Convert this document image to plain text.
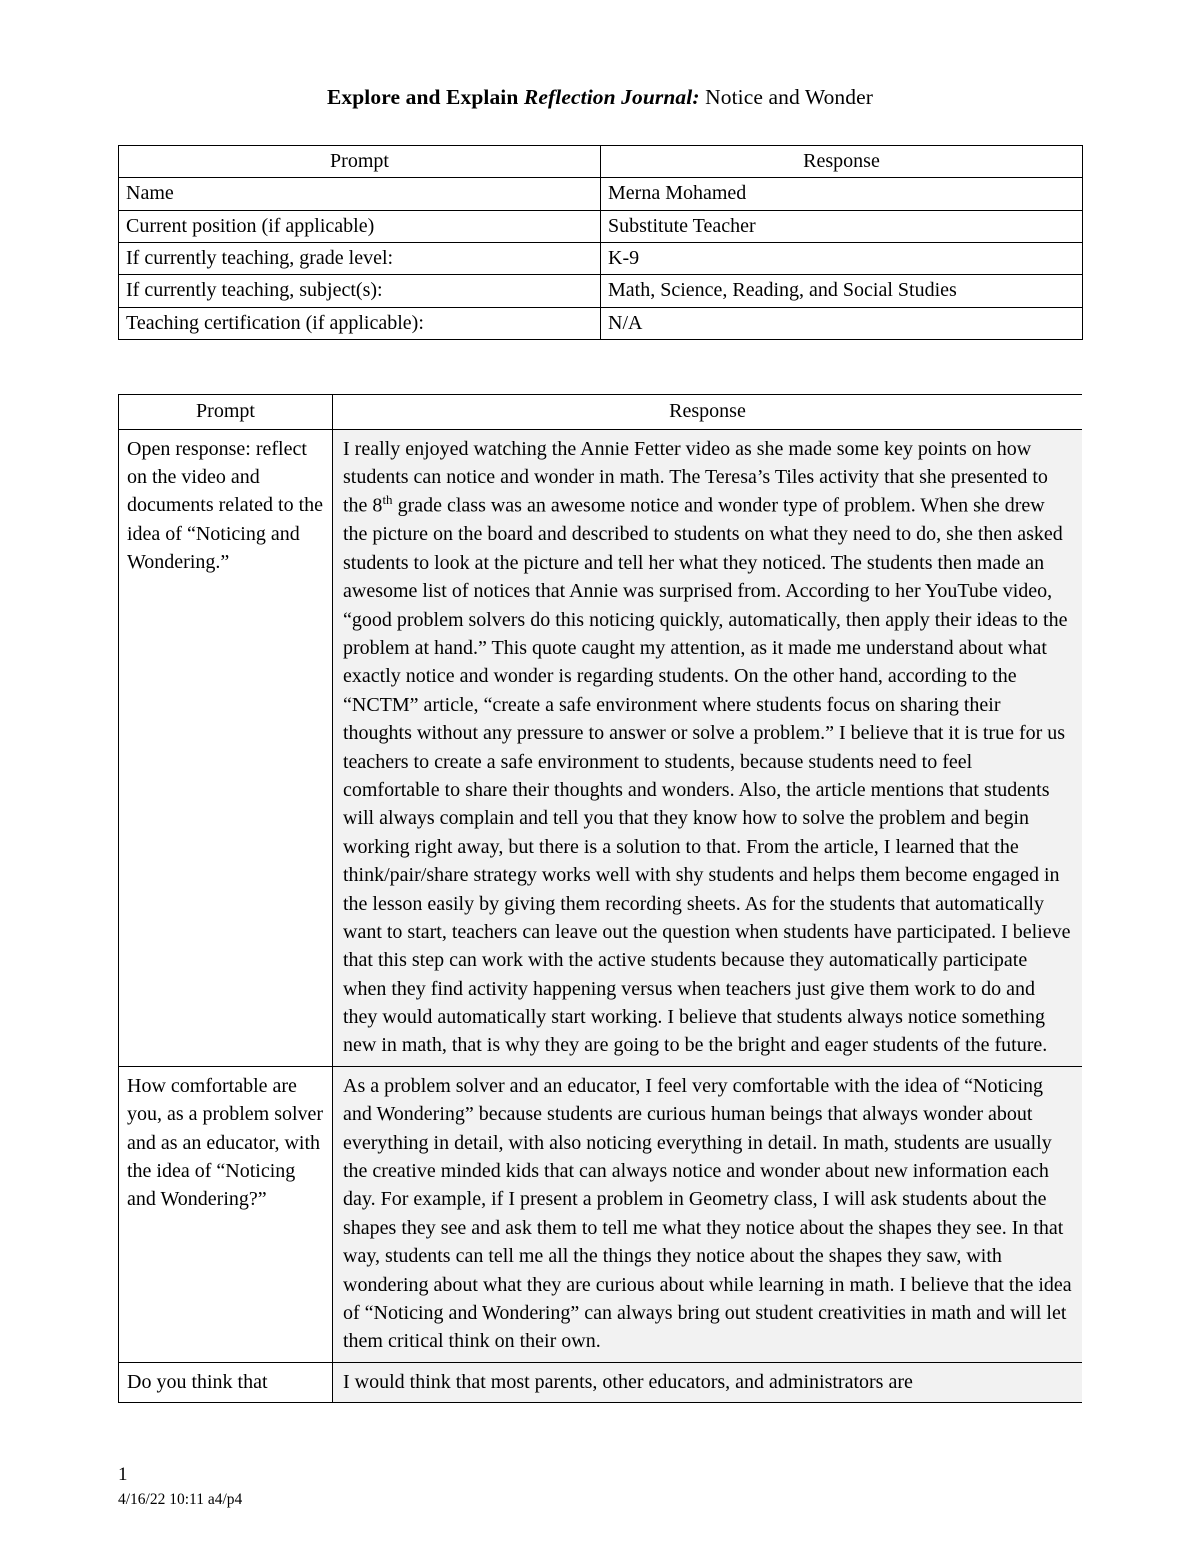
Explore and Explain Reflection Journal: Notice and Wonder
Prompt	Response
Name	Merna Mohamed
Current position (if applicable)	Substitute Teacher
If currently teaching, grade level:	K-9
If currently teaching, subject(s):	Math, Science, Reading, and Social Studies
Teaching certification (if applicable):	N/A
Prompt	Response
Open response: reflect on the video and documents related to the idea of “Noticing and Wondering.”	I really enjoyed watching the Annie Fetter video as she made some key points on how students can notice and wonder in math. The Teresa’s Tiles activity that she presented to the 8th grade class was an awesome notice and wonder type of problem. When she drew the picture on the board and described to students on what they need to do, she then asked students to look at the picture and tell her what they noticed. The students then made an awesome list of notices that Annie was surprised from. According to her YouTube video, “good problem solvers do this noticing quickly, automatically, then apply their ideas to the problem at hand.” This quote caught my attention, as it made me understand about what exactly notice and wonder is regarding students. On the other hand, according to the “NCTM” article, “create a safe environment where students focus on sharing their thoughts without any pressure to answer or solve a problem.” I believe that it is true for us teachers to create a safe environment to students, because students need to feel comfortable to share their thoughts and wonders. Also, the article mentions that students will always complain and tell you that they know how to solve the problem and begin working right away, but there is a solution to that. From the article, I learned that the think/pair/share strategy works well with shy students and helps them become engaged in the lesson easily by giving them recording sheets. As for the students that automatically want to start, teachers can leave out the question when students have participated. I believe that this step can work with the active students because they automatically participate when they find activity happening versus when teachers just give them work to do and they would automatically start working. I believe that students always notice something new in math, that is why they are going to be the bright and eager students of the future.
How comfortable are you, as a problem solver and as an educator, with the idea of “Noticing and Wondering?”	As a problem solver and an educator, I feel very comfortable with the idea of “Noticing and Wondering” because students are curious human beings that always wonder about everything in detail, with also noticing everything in detail. In math, students are usually the creative minded kids that can always notice and wonder about new information each day. For example, if I present a problem in Geometry class, I will ask students about the shapes they see and ask them to tell me what they notice about the shapes they see. In that way, students can tell me all the things they notice about the shapes they saw, with wondering about what they are curious about while learning in math. I believe that the idea of “Noticing and Wondering” can always bring out student creativities in math and will let them critical think on their own.
Do you think that	I would think that most parents, other educators, and administrators are
1
4/16/22 10:11 a4/p4
